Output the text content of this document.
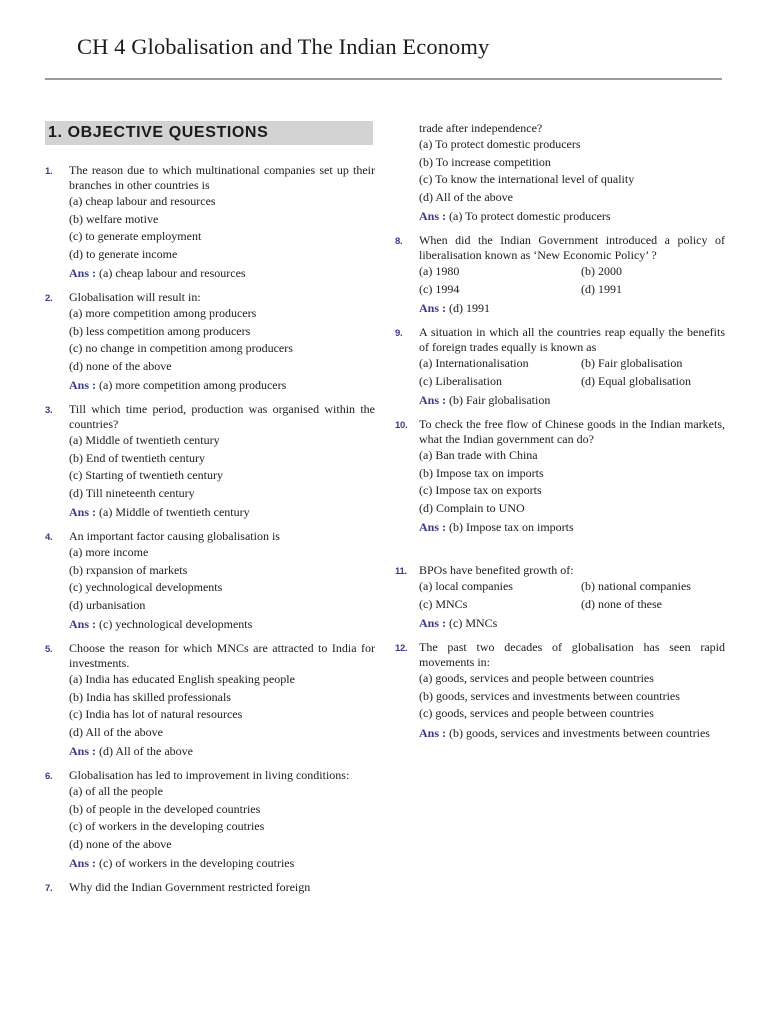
CH 4 Globalisation and The Indian Economy
1. OBJECTIVE QUESTIONS
1. The reason due to which multinational companies set up their branches in other countries is
(a) cheap labour and resources
(b) welfare motive
(c) to generate employment
(d) to generate income
Ans : (a) cheap labour and resources
2. Globalisation will result in:
(a) more competition among producers
(b) less competition among producers
(c) no change in competition among producers
(d) none of the above
Ans : (a) more competition among producers
3. Till which time period, production was organised within the countries?
(a) Middle of twentieth century
(b) End of twentieth century
(c) Starting of twentieth century
(d) Till nineteenth century
Ans : (a) Middle of twentieth century
4. An important factor causing globalisation is
(a) more income
(b) rxpansion of markets
(c) yechnological developments
(d) urbanisation
Ans : (c) yechnological developments
5. Choose the reason for which MNCs are attracted to India for investments.
(a) India has educated English speaking people
(b) India has skilled professionals
(c) India has lot of natural resources
(d) All of the above
Ans : (d) All of the above
6. Globalisation has led to improvement in living conditions:
(a) of all the people
(b) of people in the developed countries
(c) of workers in the developing coutries
(d) none of the above
Ans : (c) of workers in the developing coutries
7. Why did the Indian Government restricted foreign
trade after independence?
(a) To protect domestic producers
(b) To increase competition
(c) To know the international level of quality
(d) All of the above
Ans : (a) To protect domestic producers
8. When did the Indian Government introduced a policy of liberalisation known as ‘New Economic Policy’ ?
(a) 1980	(b) 2000
(c) 1994	(d) 1991
Ans : (d) 1991
9. A situation in which all the countries reap equally the benefits of foreign trades equally is known as
(a) Internationalisation	(b) Fair globalisation
(c) Liberalisation	(d) Equal globalisation
Ans : (b) Fair globalisation
10. To check the free flow of Chinese goods in the Indian markets, what the Indian government can do?
(a) Ban trade with China
(b) Impose tax on imports
(c) Impose tax on exports
(d) Complain to UNO
Ans : (b) Impose tax on imports
11. BPOs have benefited growth of:
(a) local companies	(b) national companies
(c) MNCs	(d) none of these
Ans : (c) MNCs
12. The past two decades of globalisation has seen rapid movements in:
(a) goods, services and people between countries
(b) goods, services and investments between countries
(c) goods, services and people between countries
Ans : (b) goods, services and investments between countries
